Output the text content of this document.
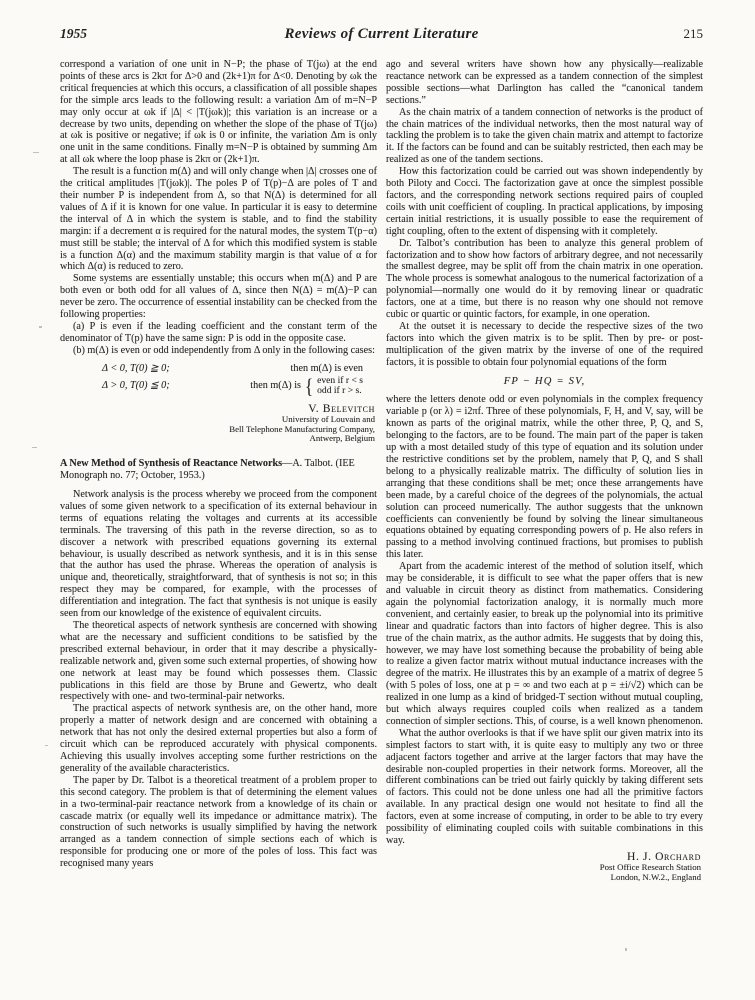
1955	Reviews of Current Literature	215

correspond a variation of one unit in N−P; the phase of T(jω) at the end points of these arcs is 2kπ for Δ>0 and (2k+1)π for Δ<0. Denoting by ωk the critical frequencies at which this occurs, a classification of all possible shapes for the simple arcs leads to the following result: a variation Δm of m=N−P may only occur at ωk if |Δ| < |T(jωk)|; this variation is an increase or a decrease by two units, depending on whether the slope of the phase of T(jω) at ωk is positive or negative; if ωk is 0 or infinite, the variation Δm is only one unit in the same conditions. Finally m=N−P is obtained by summing Δm at all ωk where the loop phase is 2kπ or (2k+1)π.

The result is a function m(Δ) and will only change when |Δ| crosses one of the critical amplitudes |T(jωk)|. The poles P of T(p)−Δ are poles of T and their number P is independent from Δ, so that N(Δ) is determined for all values of Δ if it is known for one value. In particular it is easy to determine the interval of Δ in which the system is stable, and to find the stability margin: if a decrement α is required for the natural modes, the system T(p−α) must still be stable; the interval of Δ for which this modified system is stable is a function Δ(α) and the maximum stability margin is that value of α for which Δ(α) is reduced to zero.

Some systems are essentially unstable; this occurs when m(Δ) and P are both even or both odd for all values of Δ, since then N(Δ) = m(Δ)−P can never be zero. The occurrence of essential instability can be checked from the following properties:

(a) P is even if the leading coefficient and the constant term of the denominator of T(p) have the same sign: P is odd in the opposite case.

(b) m(Δ) is even or odd independently from Δ only in the following cases:

Δ < 0, T(0) ≧ 0;	then m(Δ) is even
Δ > 0, T(0) ≦ 0;	then m(Δ) is { even if r < s
odd if r > s.
V. Belevitch
University of Louvain and
Bell Telephone Manufacturing Company,
Antwerp, Belgium

A New Method of Synthesis of Reactance Networks—A. Talbot. (IEE Monograph no. 77; October, 1953.)

Network analysis is the process whereby we proceed from the component values of some given network to a specification of its external behaviour in terms of equations relating the voltages and currents at its accessible terminals. The traversing of this path in the reverse direction, so as to discover a network with prescribed equations governing its external behaviour, is usually described as network synthesis, and it is in this sense that the author has used the phrase. Whereas the operation of analysis is unique and, theoretically, straightforward, that of synthesis is not so; in this respect they may be compared, for example, with the processes of differentiation and integration. The fact that synthesis is not unique is easily seen from our knowledge of the existence of equivalent circuits.

The theoretical aspects of network synthesis are concerned with showing what are the necessary and sufficient conditions to be satisfied by the prescribed external behaviour, in order that it may describe a physically-realizable network and, given some such external properties, of showing how one network at least may be found which possesses them. Classic publications in this field are those by Brune and Gewertz, who dealt respectively with one- and two-terminal-pair networks.

The practical aspects of network synthesis are, on the other hand, more properly a matter of network design and are concerned with obtaining a network that has not only the desired external properties but also a form of circuit which can be reproduced accurately with physical components. Achieving this usually involves accepting some further restrictions on the generality of the available characteristics.

The paper by Dr. Talbot is a theoretical treatment of a problem proper to this second category. The problem is that of determining the element values in a two-terminal-pair reactance network from a knowledge of its chain or cascade matrix (or equally well its impedance or admittance matrix). The construction of such networks is usually simplified by having the network arranged as a tandem connection of simple sections each of which is responsible for producing one or more of the poles of loss. This fact was recognised many years

ago and several writers have shown how any physically—realizable reactance network can be expressed as a tandem connection of the simplest possible sections—what Darlington has called the “canonical tandem sections.”

As the chain matrix of a tandem connection of networks is the product of the chain matrices of the individual networks, then the most natural way of tackling the problem is to take the given chain matrix and attempt to factorize it. If the factors can be found and can be suitably restricted, then each may be realized as one of the tandem sections.

How this factorization could be carried out was shown independently by both Piloty and Cocci. The factorization gave at once the simplest possible factors, and the corresponding network sections required pairs of coupled coils with unit coefficient of coupling. In practical applications, by imposing certain initial restrictions, it is usually possible to ease the requirement of tight coupling, often to the extent of dispensing with it completely.

Dr. Talbot’s contribution has been to analyze this general problem of factorization and to show how factors of arbitrary degree, and not necessarily the smallest degree, may be split off from the chain matrix in one operation. The whole process is somewhat analogous to the numerical factorization of a polynomial—normally one would do it by removing linear or quadratic factors, one at a time, but there is no reason why one should not remove cubic or quartic or quintic factors, for example, in one operation.

At the outset it is necessary to decide the respective sizes of the two factors into which the given matrix is to be split. Then by pre- or post-multiplication of the given matrix by the inverse of one of the required factors, it is possible to obtain four polynomial equations of the form

FP − HQ = SV,

where the letters denote odd or even polynomials in the complex frequency variable p (or λ) = i2πf. Three of these polynomials, F, H, and V, say, will be known as parts of the original matrix, while the other three, P, Q, and S, belonging to the factors, are to be found. The main part of the paper is taken up with a most detailed study of this type of equation and its solution under the restrictive conditions set by the problem, namely that P, Q, and S shall belong to a physically realizable matrix. The difficulty of solution lies in arranging that these conditions shall be met; once these arrangements have been made, by a careful choice of the degrees of the polynomials, the actual solution can proceed numerically. The author suggests that the unknown coefficients can conveniently be found by solving the linear simultaneous equations obtained by equating corresponding powers of p. He also refers in passing to a method involving continued fractions, but promises to publish this later.

Apart from the academic interest of the method of solution itself, which may be considerable, it is difficult to see what the paper offers that is new and valuable in circuit theory as distinct from mathematics. Considering again the polynomial factorization analogy, it is normally much more convenient, and certainly easier, to break up the polynomial into its primitive linear and quadratic factors than into factors of higher degree. This is also true of the chain matrix, as the author admits. He suggests that by doing this, however, we may have lost something because the probability of being able to realize a given factor matrix without mutual inductance increases with the degree of the matrix. He illustrates this by an example of a matrix of degree 5 (with 5 poles of loss, one at p = ∞ and two each at p = ±i/√2) which can be realized in one lump as a kind of bridged-T section without mutual coupling, but which always requires coupled coils when realized as a tandem connection of simpler sections. This, of course, is a well known phenomenon.

What the author overlooks is that if we have split our given matrix into its simplest factors to start with, it is quite easy to multiply any two or three adjacent factors together and arrive at the larger factors that may have the desirable non-coupled properties in their network forms. Moreover, all the different combinations can be tried out fairly quickly by taking different sets of factors. This could not be done unless one had all the primitive factors available. In any practical design one would not hesitate to find all the factors, even at some increase of computing, in order to be able to try every possibility of eliminating coupled coils with suitable combinations in this way.

H. J. Orchard
Post Office Research Station
London, N.W.2., England
